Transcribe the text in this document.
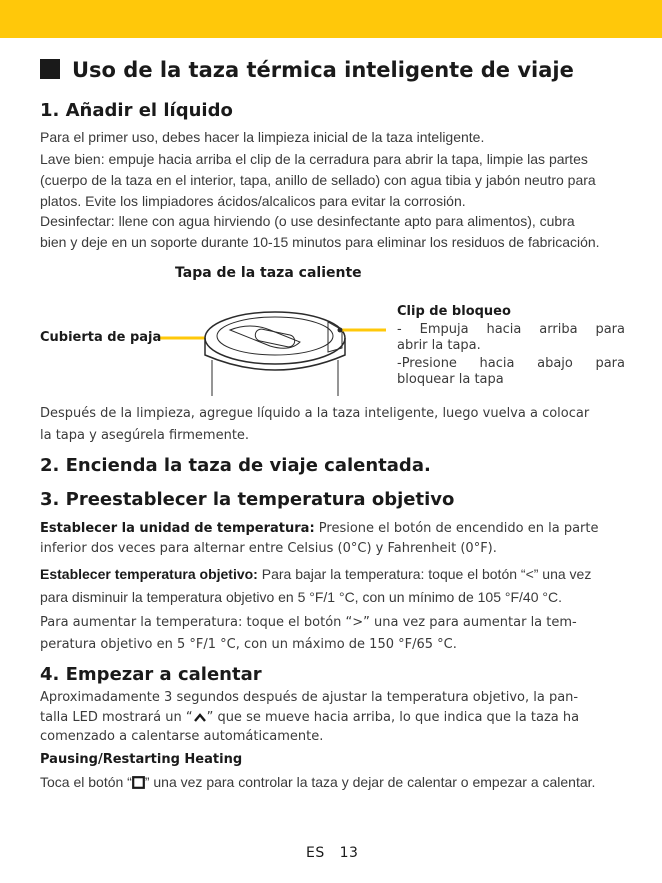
Uso de la taza térmica inteligente de viaje
1. Añadir el líquido
Para el primer uso, debes hacer la limpieza inicial de la taza inteligente.
Lave bien: empuje hacia arriba el clip de la cerradura para abrir la tapa, limpie las partes
(cuerpo de la taza en el interior, tapa, anillo de sellado) con agua tibia y jabón neutro para
platos. Evite los limpiadores ácidos/alcalicos para evitar la corrosión.
Desinfectar: llene con agua hirviendo (o use desinfectante apto para alimentos), cubra
bien y deje en un soporte durante 10-15 minutos para eliminar los residuos de fabricación.
Tapa de la taza caliente
Cubierta de paja
Clip de bloqueo
- Empuja hacia arriba para
abrir la tapa.
-Presione hacia abajo para
bloquear la tapa
Después de la limpieza, agregue líquido a la taza inteligente, luego vuelva a colocar
la tapa y asegúrela firmemente.
2. Encienda la taza de viaje calentada.
3. Preestablecer la temperatura objetivo
Establecer la unidad de temperatura: Presione el botón de encendido en la parte
inferior dos veces para alternar entre Celsius (0°C) y Fahrenheit (0°F).
Establecer temperatura objetivo: Para bajar la temperatura: toque el botón “<” una vez
para disminuir la temperatura objetivo en 5 °F/1 °C, con un mínimo de 105 °F/40 °C.
Para aumentar la temperatura: toque el botón “>” una vez para aumentar la tem-
peratura objetivo en 5 °F/1 °C, con un máximo de 150 °F/65 °C.
4. Empezar a calentar
Aproximadamente 3 segundos después de ajustar la temperatura objetivo, la pan-
talla LED mostrará un “ ” que se mueve hacia arriba, lo que indica que la taza ha
comenzado a calentarse automáticamente.
Pausing/Restarting Heating
Toca el botón “ ” una vez para controlar la taza y dejar de calentar o empezar a calentar.
ES 13
